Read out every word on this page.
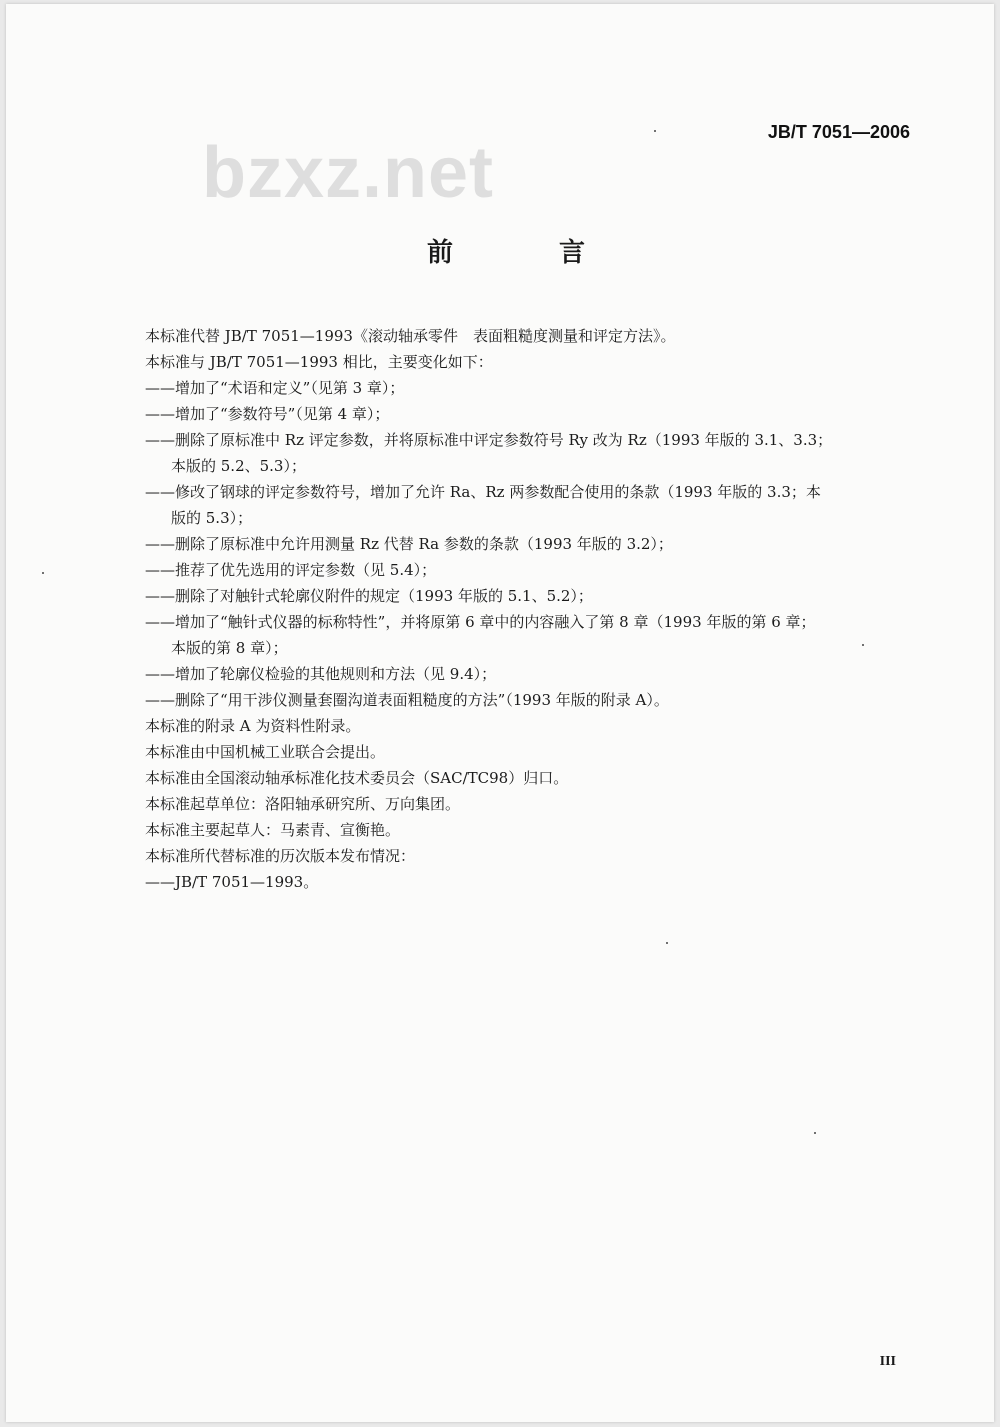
JB/T 7051—2006
bzxz.net
前　言
本标准代替 JB/T 7051—1993《滚动轴承零件　表面粗糙度测量和评定方法》。
本标准与 JB/T 7051—1993 相比，主要变化如下：
——增加了“术语和定义”（见第 3 章）；
——增加了“参数符号”（见第 4 章）；
——删除了原标准中 Rz 评定参数，并将原标准中评定参数符号 Ry 改为 Rz（1993 年版的 3.1、3.3；
本版的 5.2、5.3）；
——修改了钢球的评定参数符号，增加了允许 Ra、Rz 两参数配合使用的条款（1993 年版的 3.3；本
版的 5.3）；
——删除了原标准中允许用测量 Rz 代替 Ra 参数的条款（1993 年版的 3.2）；
——推荐了优先选用的评定参数（见 5.4）；
——删除了对触针式轮廓仪附件的规定（1993 年版的 5.1、5.2）；
——增加了“触针式仪器的标称特性”，并将原第 6 章中的内容融入了第 8 章（1993 年版的第 6 章；
本版的第 8 章）；
——增加了轮廓仪检验的其他规则和方法（见 9.4）；
——删除了“用干涉仪测量套圈沟道表面粗糙度的方法”（1993 年版的附录 A）。
本标准的附录 A 为资料性附录。
本标准由中国机械工业联合会提出。
本标准由全国滚动轴承标准化技术委员会（SAC/TC98）归口。
本标准起草单位：洛阳轴承研究所、万向集团。
本标准主要起草人：马素青、宣衡艳。
本标准所代替标准的历次版本发布情况：
——JB/T 7051—1993。
III
